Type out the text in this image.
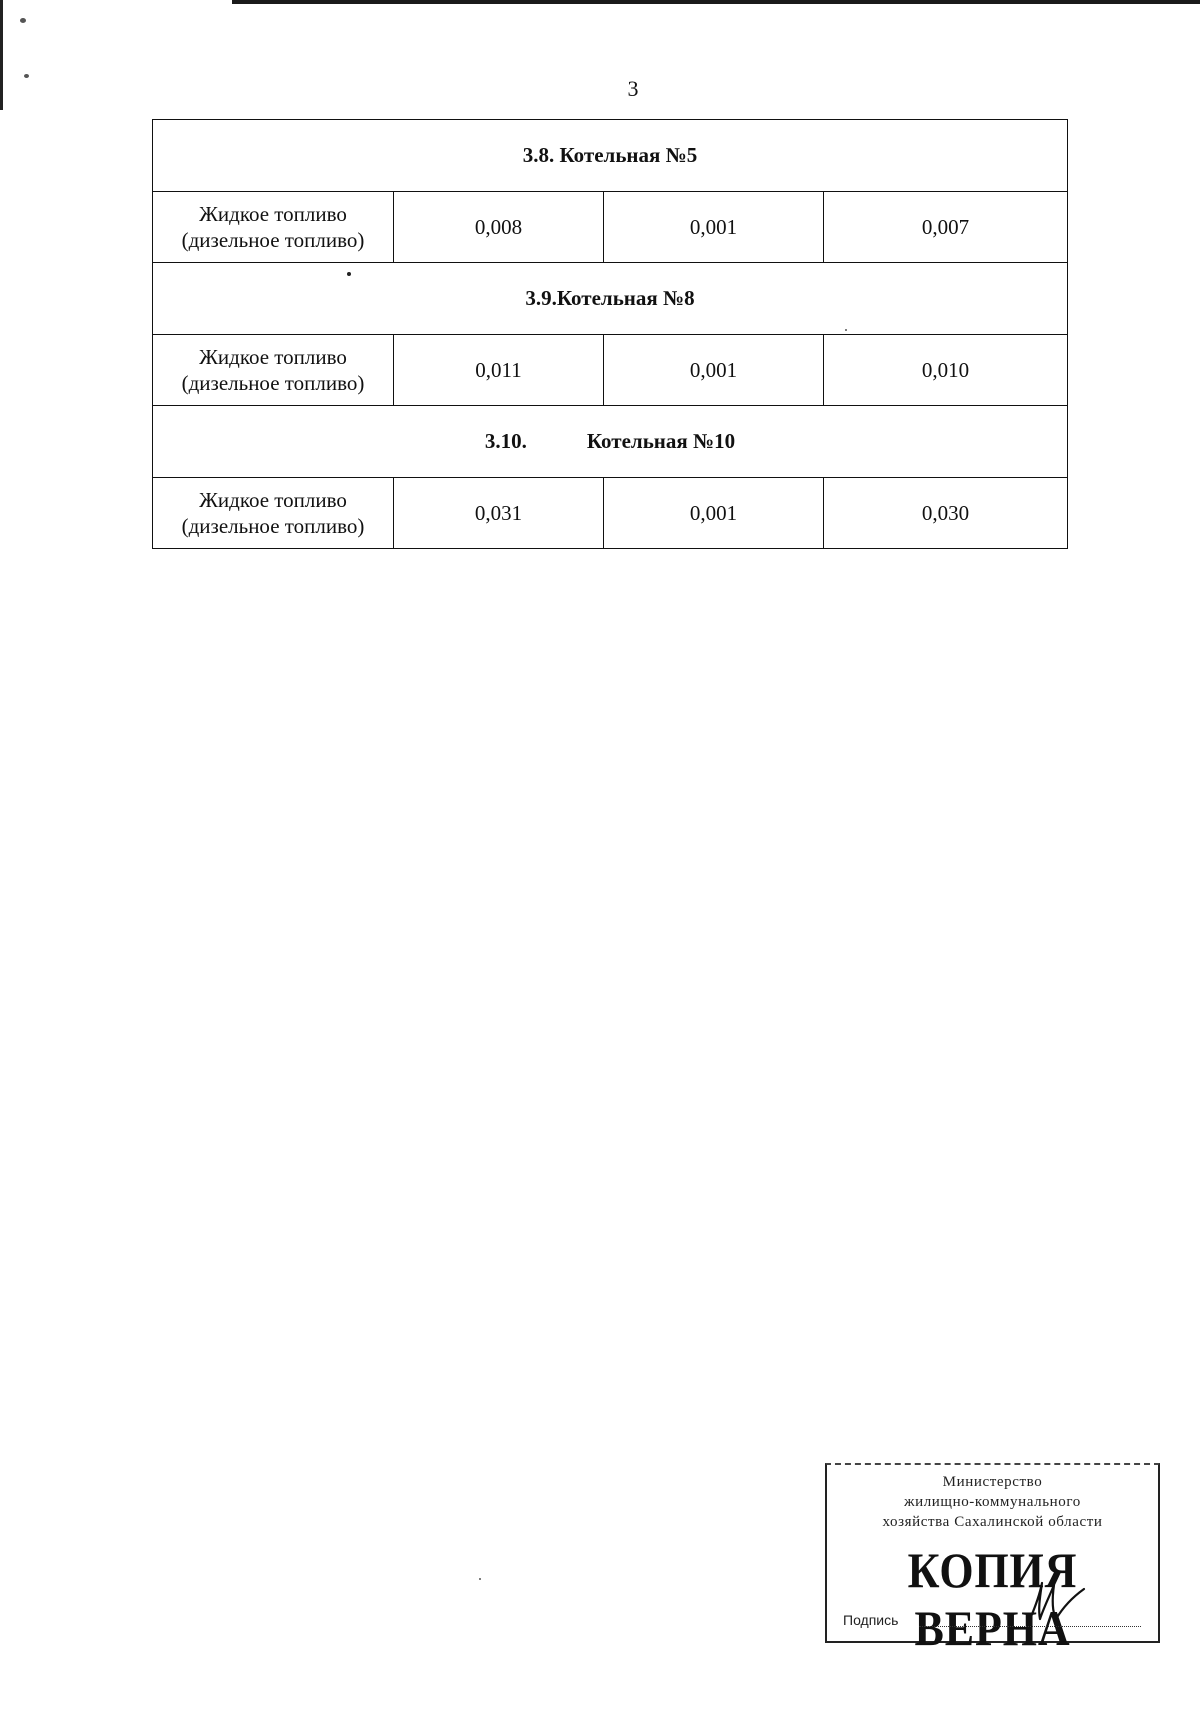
3
3.8. Котельная №5			

Жидкое топливо
(дизельное топливо)	0,008	0,001	0,007
3.9.Котельная №8			

Жидкое топливо
(дизельное топливо)	0,011	0,001	0,010
3.10. Котельная №10			

Жидкое топливо
(дизельное топливо)	0,031	0,001	0,030
Министерство
жилищно-коммунального
хозяйства Сахалинской области
КОПИЯ ВЕРНА
Подпись
